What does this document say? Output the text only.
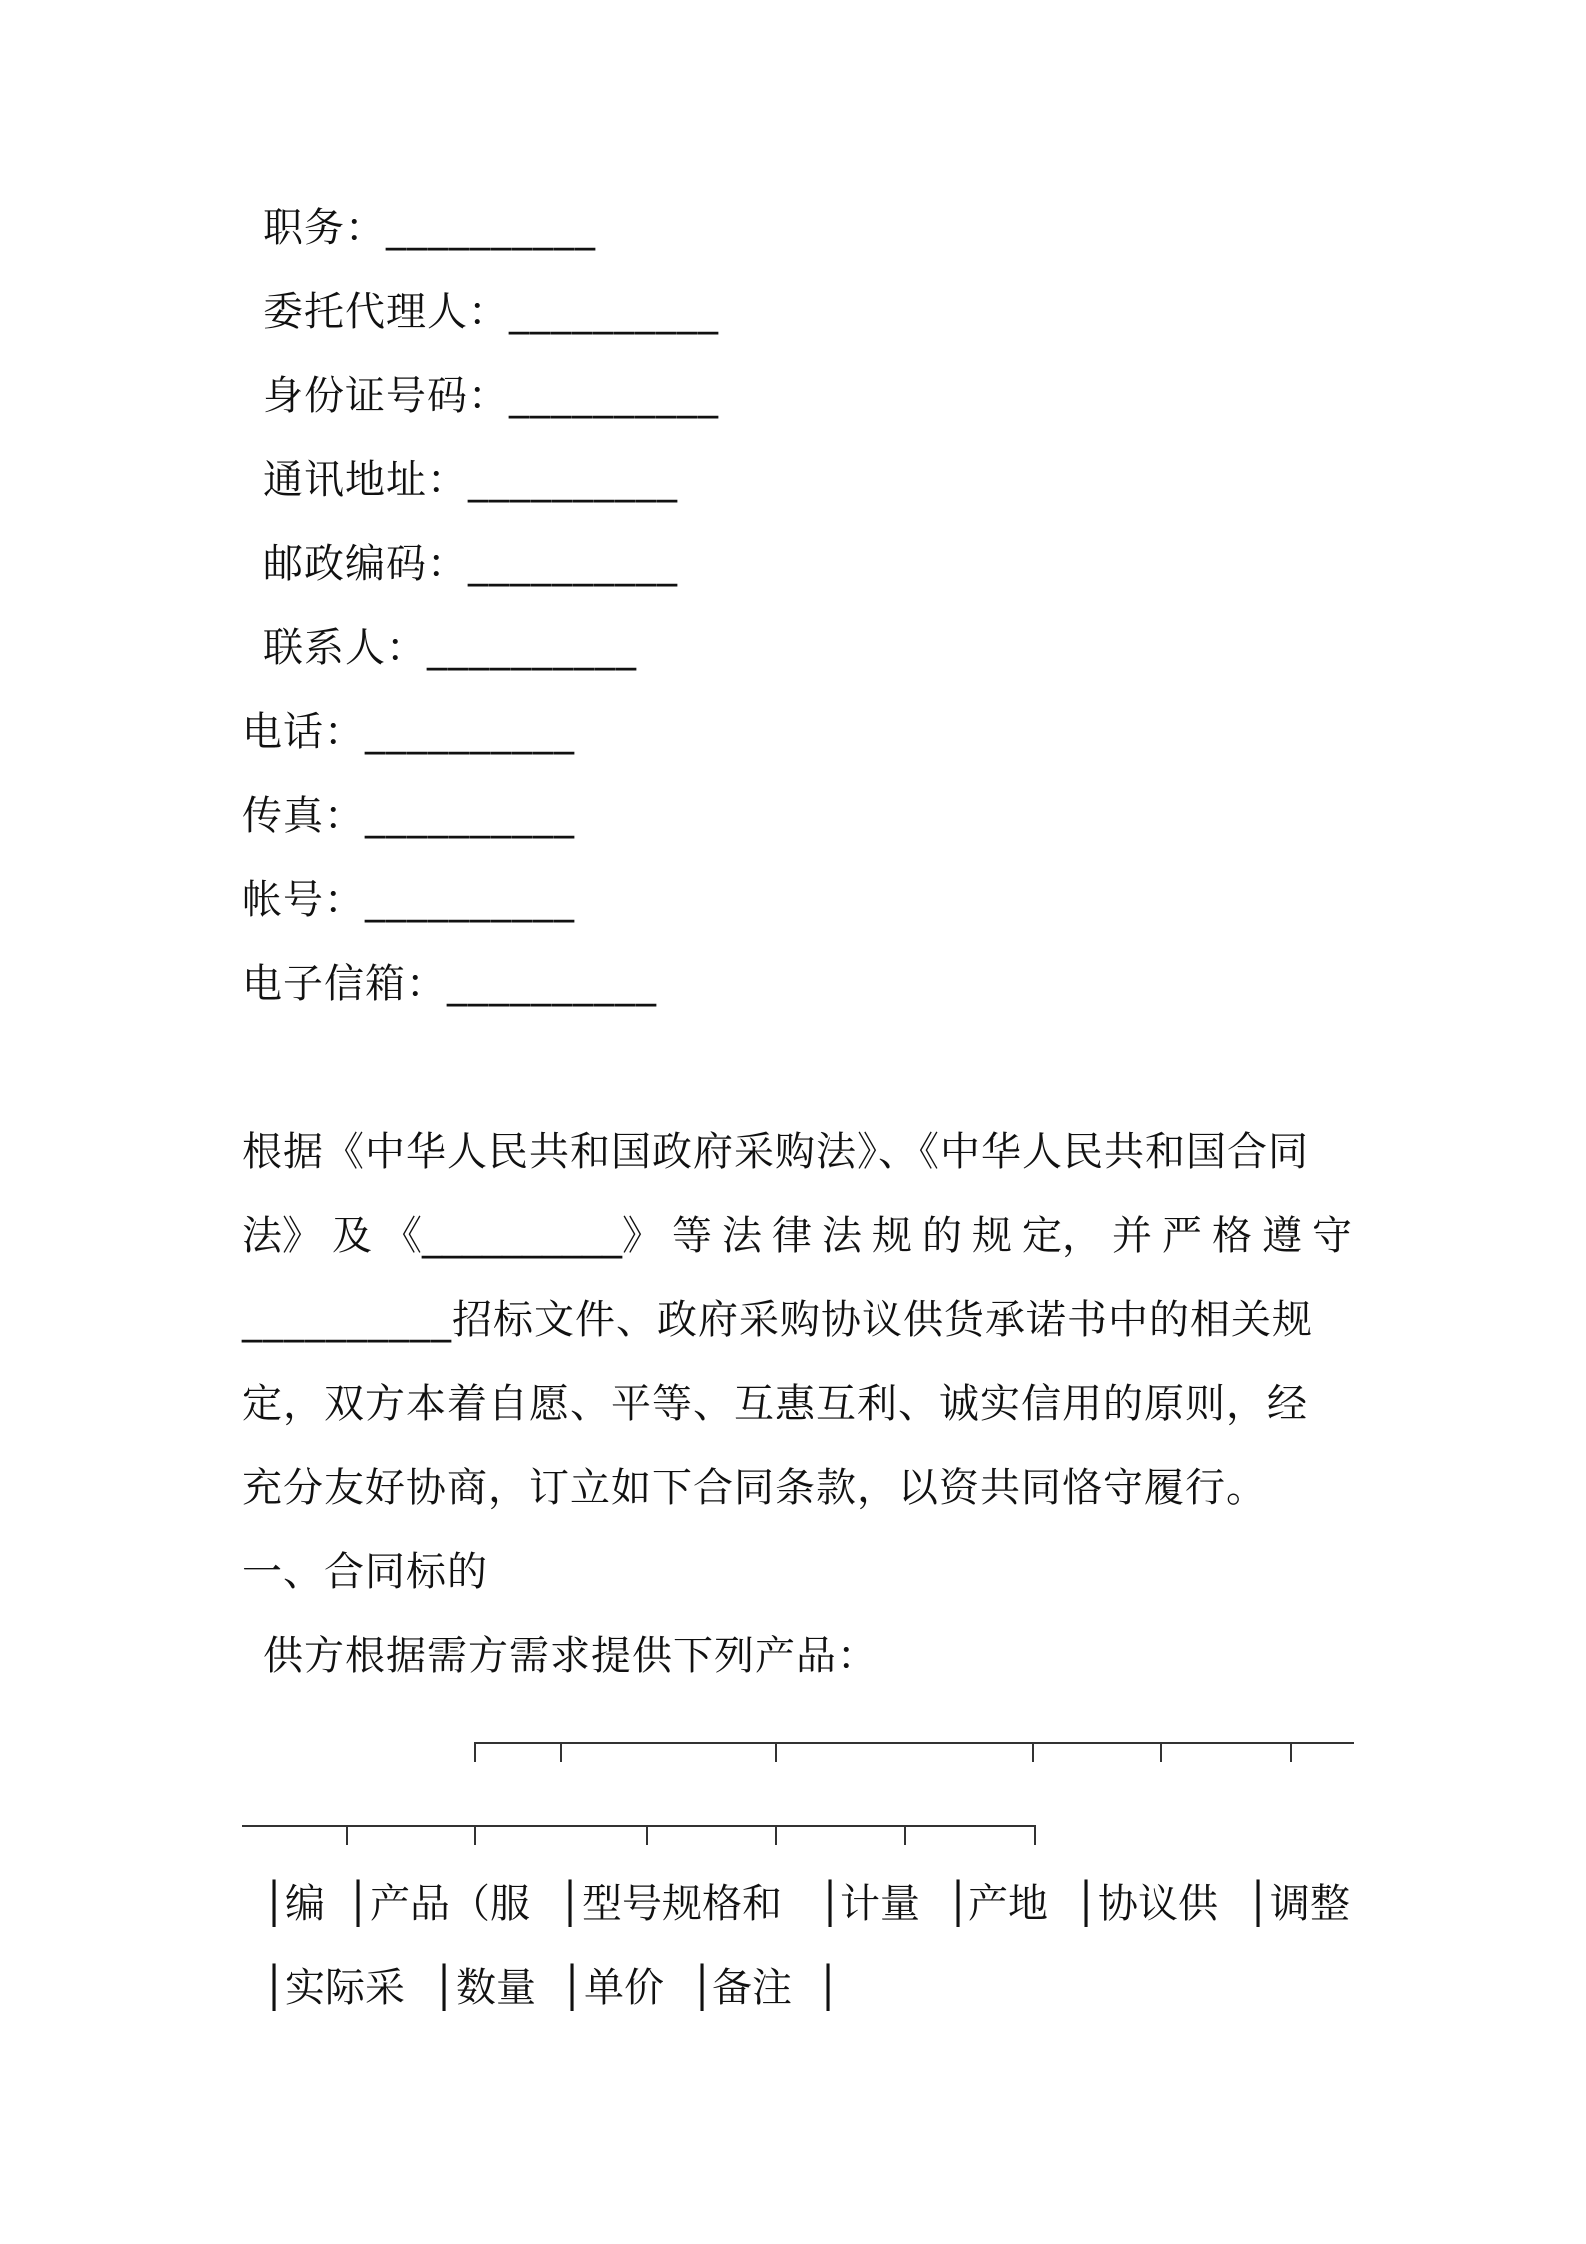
职务：__________
委托代理人：__________
身份证号码：__________
通讯地址：__________
邮政编码：__________
联系人：__________
电话：__________
传真：__________
帐号：__________
电子信箱：__________
根据《中华人民共和国政府采购法》、《中华人民共和国合同
法》 及 《__________》 等 法 律 法 规 的 规 定， 并 严 格 遵 守
__________招标文件、政府采购协议供货承诺书中的相关规
定，双方本着自愿、平等、互惠互利、诚实信用的原则，经
充分友好协商，订立如下合同条款，以资共同恪守履行。
一、合同标的
供方根据需方需求提供下列产品：
│
编 │ 产品（服 │ 型号规格和 │
计量 │
产地 │ 协议供 │ 调整
│
实际采 │ 数量 │ 单价 │
备注 │
